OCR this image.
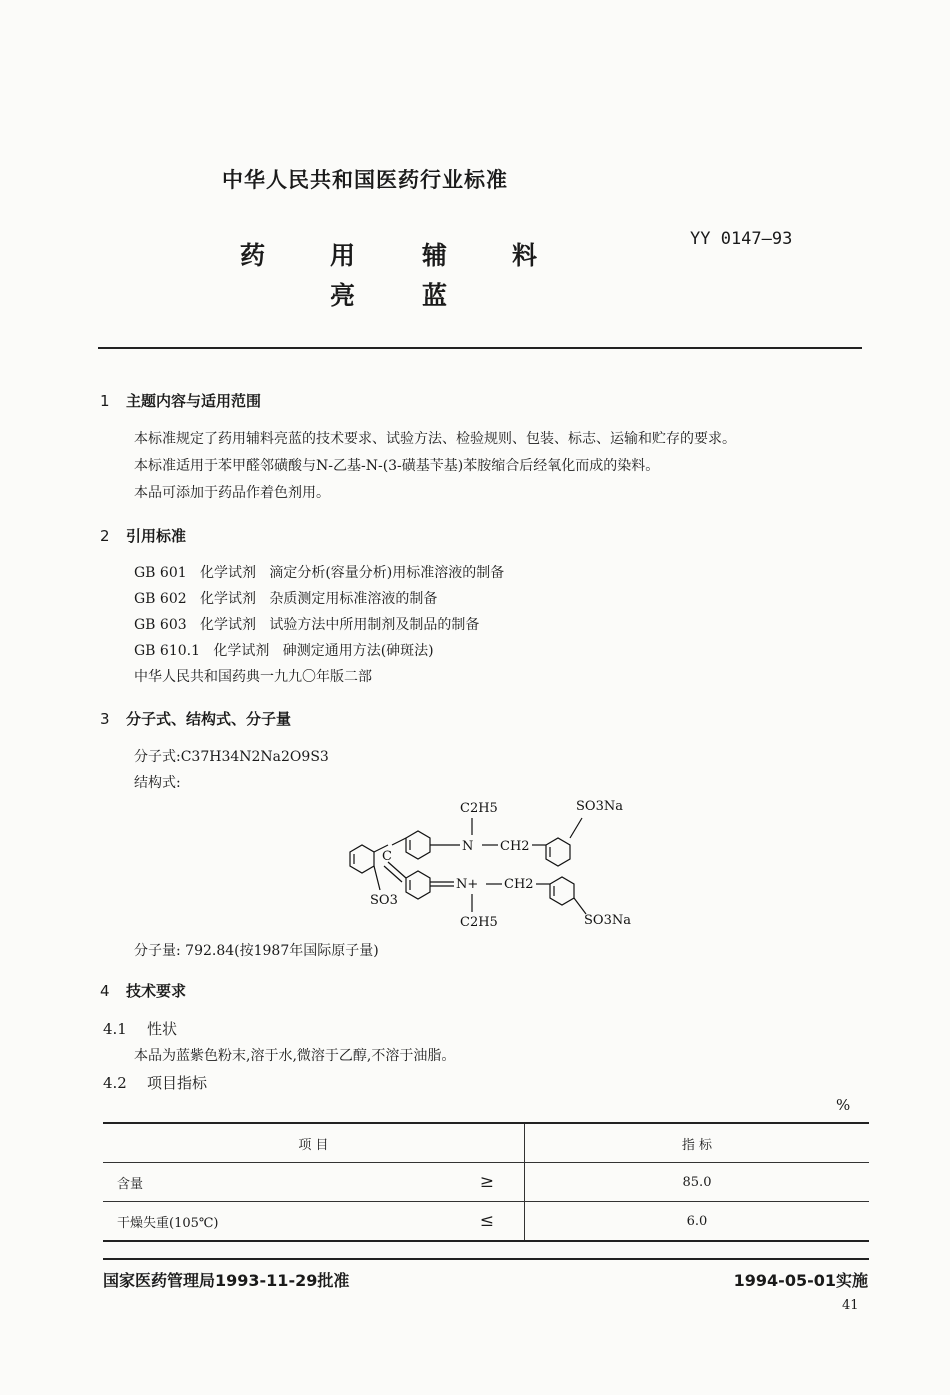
中华人民共和国医药行业标准
药	用	辅	料
亮	蓝
YY 0147—93
1 主题内容与适用范围
本标准规定了药用辅料亮蓝的技术要求、试验方法、检验规则、包装、标志、运输和贮存的要求。
本标准适用于苯甲醛邻磺酸与N-乙基-N-(3-磺基苄基)苯胺缩合后经氧化而成的染料。
本品可添加于药品作着色剂用。
2 引用标准
GB 601   化学试剂   滴定分析(容量分析)用标准溶液的制备
GB 602   化学试剂   杂质测定用标准溶液的制备
GB 603   化学试剂   试验方法中所用制剂及制品的制备
GB 610.1   化学试剂   砷测定通用方法(砷斑法)
中华人民共和国药典一九九〇年版二部
3 分子式、结构式、分子量
分子式:C37H34N2Na2O9S3
结构式:
C2H5	SO3Na
N CH2
C
SO3
N+ CH2
C2H5	SO3Na
分子量: 792.84(按1987年国际原子量)
4 技术要求
4.1 性状
本品为蓝紫色粉末,溶于水,微溶于乙醇,不溶于油脂。
4.2 项目指标
%
项 目		指 标
含量	≥	85.0
干燥失重(105℃)	≤	6.0
国家医药管理局1993-11-29批准	1994-05-01实施
41
